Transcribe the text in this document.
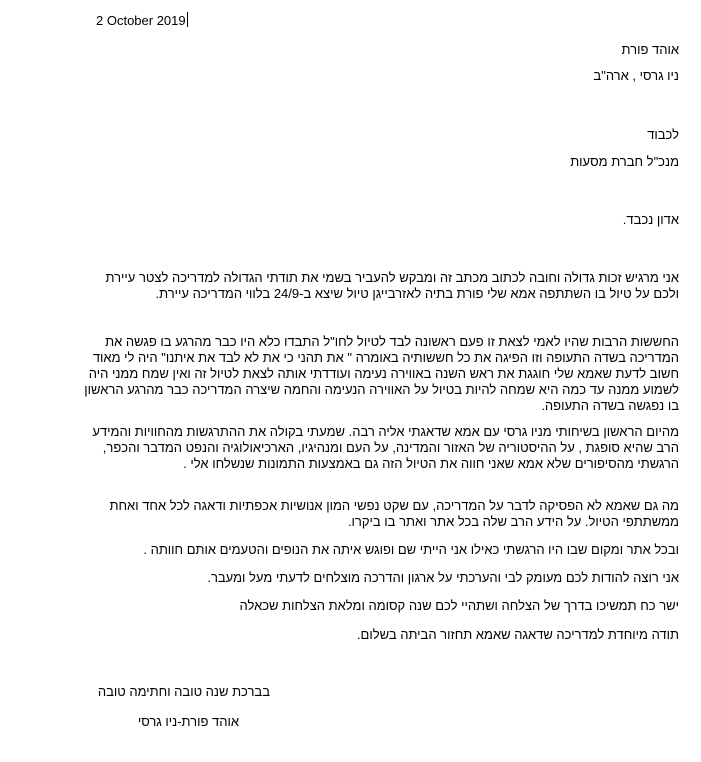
2 October 2019
אוהד פורת
ניו גרסי , ארה"ב
לכבוד
מנכ"ל חברת מסעות
אדון נכבד.
אני מרגיש זכות גדולה וחובה לכתוב מכתב זה ומבקש להעביר בשמי את תודתי הגדולה למדריכה לצטר עיירת ולכם על טיול בו השתתפה אמא שלי פורת בתיה לאזרבייגן טיול שיצא ב-24/9 בלווי המדריכה עיירת.
החששות הרבות שהיו לאמי לצאת זו פעם ראשונה לבד לטיול לחו"ל התבדו כלא היו כבר מהרגע בו פגשה את המדריכה בשדה התעופה וזו הפיגה את כל חששותיה באומרה " את תהני כי את לא לבד את איתנו" היה לי מאוד חשוב לדעת שאמא שלי חוגגת את ראש השנה באווירה נעימה ועודדתי אותה לצאת לטיול זה ואין שמח ממני היה לשמוע ממנה עד כמה היא שמחה להיות בטיול על האווירה הנעימה והחמה שיצרה המדריכה כבר מהרגע הראשון בו נפגשה בשדה התעופה.
מהיום הראשון בשיחותי מניו גרסי עם אמא שדאגתי אליה רבה. שמעתי בקולה את ההתרגשות מהחוויות והמידע הרב שהיא סופגת , על ההיסטוריה של האזור והמדינה, על העם ומנהיגיו, הארכיאולוגיה והנפט המדבר והכפר, הרגשתי מהסיפורים שלא אמא שאני חווה את הטיול הזה גם באמצעות התמונות שנשלחו אלי .
מה גם שאמא לא הפסיקה לדבר על המדריכה, עם שקט נפשי המון אנושיות אכפתיות ודאגה לכל אחד ואחת ממשתתפי הטיול. על הידע הרב שלה בכל אתר ואתר בו ביקרו.
ובכל אתר ומקום שבו היו הרגשתי כאילו אני הייתי שם ופוגש איתה את הנופים והטעמים אותם חוותה .
אני רוצה להודות לכם מעומק לבי והערכתי על ארגון והדרכה מוצלחים לדעתי מעל ומעבר.
ישר כח תמשיכו בדרך של הצלחה ושתהיי לכם שנה קסומה ומלאת הצלחות שכאלה
תודה מיוחדת למדריכה שדאגה שאמא תחזור הביתה בשלום.
בברכת שנה טובה וחתימה טובה
אוהד פורת-ניו גרסי
